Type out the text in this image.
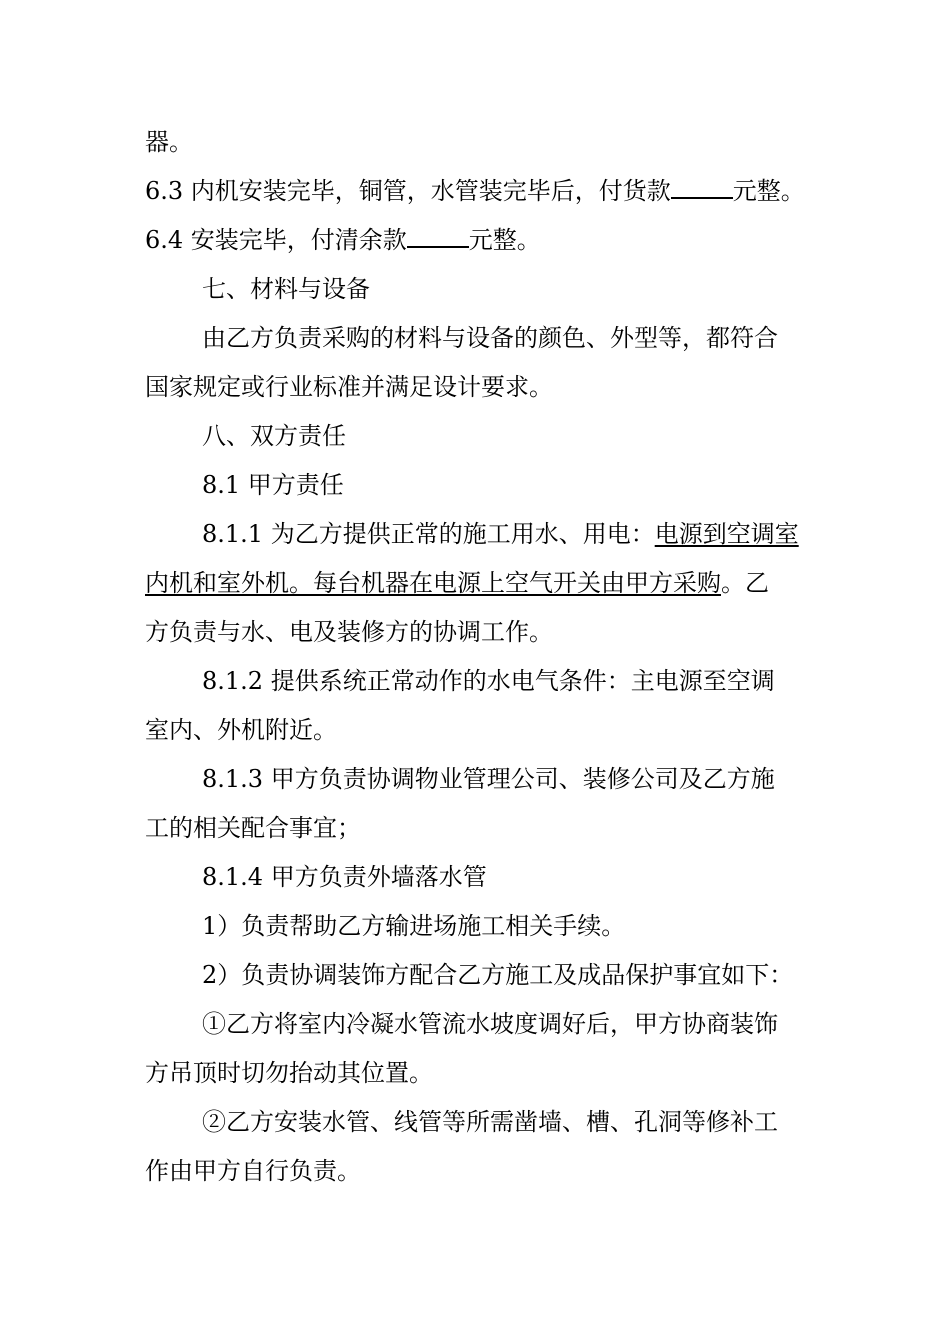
器。
6.3 内机安装完毕，铜管，水管装完毕后，付货款	元整。
6.4 安装完毕，付清余款	元整。
七、材料与设备
由乙方负责采购的材料与设备的颜色、外型等，都符合
国家规定或行业标准并满足设计要求。
八、双方责任
8.1 甲方责任
8.1.1 为乙方提供正常的施工用水、用电：电源到空调室
内机和室外机。每台机器在电源上空气开关由甲方采购。乙
方负责与水、电及装修方的协调工作。
8.1.2 提供系统正常动作的水电气条件：主电源至空调
室内、外机附近。
8.1.3 甲方负责协调物业管理公司、装修公司及乙方施
工的相关配合事宜；
8.1.4 甲方负责外墙落水管
1）负责帮助乙方输进场施工相关手续。
2）负责协调装饰方配合乙方施工及成品保护事宜如下：
①乙方将室内冷凝水管流水坡度调好后，甲方协商装饰
方吊顶时切勿抬动其位置。
②乙方安装水管、线管等所需凿墙、槽、孔洞等修补工
作由甲方自行负责。
